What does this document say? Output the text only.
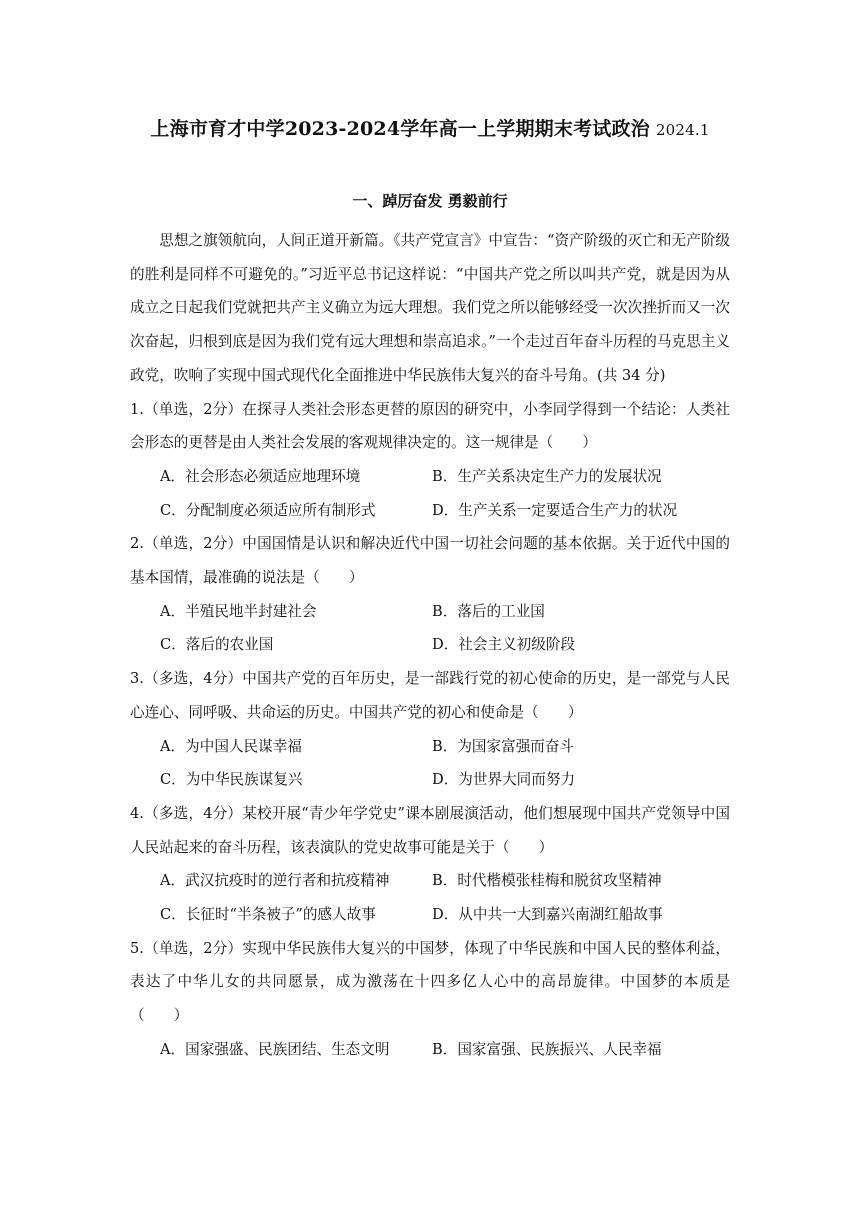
上海市育才中学2023-2024学年高一上学期期末考试政治 2024.1
一、踔厉奋发 勇毅前行

思想之旗领航向，人间正道开新篇。《共产党宣言》中宣告：“资产阶级的灭亡和无产阶级的胜利是同样不可避免的。”习近平总书记这样说：“中国共产党之所以叫共产党，就是因为从成立之日起我们党就把共产主义确立为远大理想。我们党之所以能够经受一次次挫折而又一次次奋起，归根到底是因为我们党有远大理想和崇高追求。”一个走过百年奋斗历程的马克思主义政党，吹响了实现中国式现代化全面推进中华民族伟大复兴的奋斗号角。(共 34 分)

1.（单选，2分）在探寻人类社会形态更替的原因的研究中，小李同学得到一个结论：人类社会形态的更替是由人类社会发展的客观规律决定的。这一规律是（　　）

A．社会形态必须适应地理环境	B．生产关系决定生产力的发展状况
C．分配制度必须适应所有制形式	D．生产关系一定要适合生产力的状况

2.（单选，2分）中国国情是认识和解决近代中国一切社会问题的基本依据。关于近代中国的基本国情，最准确的说法是（　　）

A．半殖民地半封建社会	B．落后的工业国
C．落后的农业国	D．社会主义初级阶段

3.（多选，4分）中国共产党的百年历史，是一部践行党的初心使命的历史，是一部党与人民心连心、同呼吸、共命运的历史。中国共产党的初心和使命是（　　）

A．为中国人民谋幸福	B．为国家富强而奋斗
C．为中华民族谋复兴	D．为世界大同而努力

4.（多选，4分）某校开展“青少年学党史”课本剧展演活动，他们想展现中国共产党领导中国人民站起来的奋斗历程，该表演队的党史故事可能是关于（　　）

A．武汉抗疫时的逆行者和抗疫精神	B．时代楷模张桂梅和脱贫攻坚精神
C．长征时“半条被子”的感人故事	D．从中共一大到嘉兴南湖红船故事

5.（单选，2分）实现中华民族伟大复兴的中国梦，体现了中华民族和中国人民的整体利益，表达了中华儿女的共同愿景，成为激荡在十四多亿人心中的高昂旋律。中国梦的本质是（　　）

A．国家强盛、民族团结、生态文明	B．国家富强、民族振兴、人民幸福
